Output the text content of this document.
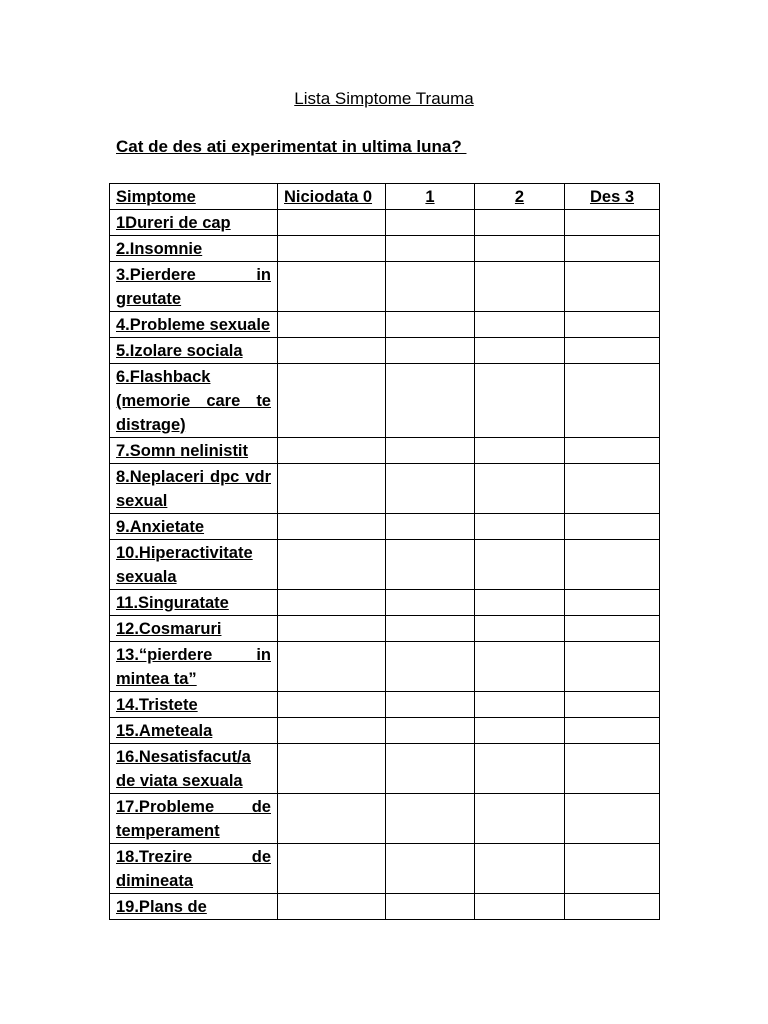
Lista Simptome Trauma
Cat de des ati experimentat in ultima luna?
Simptome	Niciodata 0	1	2	Des 3
1Dureri de cap				
2.Insomnie				
3.Pierdere in greutate				
4.Probleme sexuale				
5.Izolare sociala				
6.Flashback (memorie care te distrage)				
7.Somn nelinistit				
8.Neplaceri dpc vdr sexual				
9.Anxietate				
10.Hiperactivitate sexuala				
11.Singuratate				
12.Cosmaruri				
13.“pierdere in mintea ta”				
14.Tristete				
15.Ameteala				
16.Nesatisfacut/a de viata sexuala				
17.Probleme de temperament				
18.Trezire de dimineata				
19.Plans de				
